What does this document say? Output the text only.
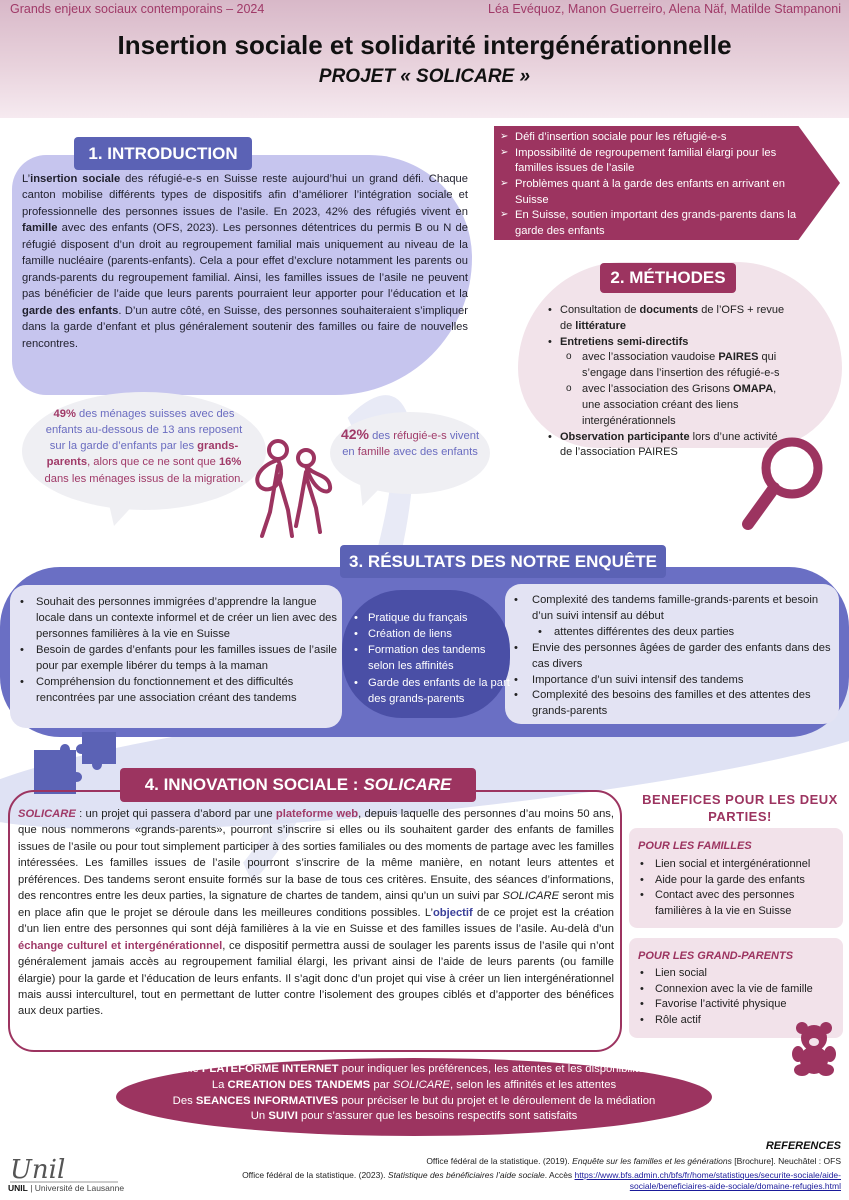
Grands enjeux sociaux contemporains – 2024	Léa Evéquoz, Manon Guerreiro, Alena Näf, Matilde Stampanoni
Insertion sociale et solidarité intergénérationnelle
PROJET « SOLICARE »
1. INTRODUCTION
L’insertion sociale des réfugié-e-s en Suisse reste aujourd’hui un grand défi. Chaque canton mobilise différents types de dispositifs afin d’améliorer l’intégration sociale et professionnelle des personnes issues de l’asile. En 2023, 42% des réfugiés vivent en famille avec des enfants (OFS, 2023). Les personnes détentrices du permis B ou N de réfugié disposent d’un droit au regroupement familial mais uniquement au niveau de la famille nucléaire (parents-enfants). Cela a pour effet d’exclure notamment les parents ou grands-parents du regroupement familial. Ainsi, les familles issues de l’asile ne peuvent pas bénéficier de l’aide que leurs parents pourraient leur apporter pour l’éducation et la garde des enfants. D’un autre côté, en Suisse, des personnes souhaiteraient s’impliquer dans la garde d’enfant et plus généralement soutenir des familles ou faire de nouvelles rencontres.
➢ Défi d’insertion sociale pour les réfugié-e-s
➢ Impossibilité de regroupement familial élargi pour les familles issues de l’asile
➢ Problèmes quant à la garde des enfants en arrivant en Suisse
➢ En Suisse, soutien important des grands-parents dans la garde des enfants
2. MÉTHODES
• Consultation de documents de l’OFS + revue de littérature
• Entretiens semi-directifs
o avec l’association vaudoise PAIRES qui s’engage dans l’insertion des réfugié-e-s
o avec l’association des Grisons OMAPA, une association créant des liens intergénérationnels
• Observation participante lors d’une activité de l’association PAIRES
49% des ménages suisses avec des enfants au-dessous de 13 ans reposent sur la garde d’enfants par les grands-parents, alors que ce ne sont que 16% dans les ménages issus de la migration.
42% des réfugié-e-s vivent en famille avec des enfants
3. RÉSULTATS DES NOTRE ENQUÊTE
• Souhait des personnes immigrées d’apprendre la langue locale dans un contexte informel et de créer un lien avec des personnes familières à la vie en Suisse
• Besoin de gardes d’enfants pour les familles issues de l’asile pour par exemple libérer du temps à la maman
• Compréhension du fonctionnement et des difficultés rencontrées par une association créant des tandems
• Pratique du français
• Création de liens
• Formation des tandems selon les affinités
• Garde des enfants de la part des grands-parents
• Complexité des tandems famille-grands-parents et besoin d’un suivi intensif au début
• attentes différentes des deux parties
• Envie des personnes âgées de garder des enfants dans des cas divers
• Importance d’un suivi intensif des tandems
• Complexité des besoins des familles et des attentes des grands-parents
4. INNOVATION SOCIALE : SOLICARE
SOLICARE : un projet qui passera d’abord par une plateforme web, depuis laquelle des personnes d’au moins 50 ans, que nous nommerons «grands-parents», pourront s’inscrire si elles ou ils souhaitent garder des enfants de familles issues de l’asile ou pour tout simplement participer à des sorties familiales ou des moments de partage avec les familles intéressées. Les familles issues de l’asile pourront s’inscrire de la même manière, en notant leurs attentes et préférences. Des tandems seront ensuite formés sur la base de tous ces critères. Ensuite, des séances d’informations, des rencontres entre les deux parties, la signature de chartes de tandem, ainsi qu’un un suivi par SOLICARE seront mis en place afin que le projet se déroule dans les meilleures conditions possibles. L’objectif de ce projet est la création d’un lien entre des personnes qui sont déjà familières à la vie en Suisse et des familles issues de l’asile. Au-delà d’un échange culturel et intergénérationnel, ce dispositif permettra aussi de soulager les parents issus de l’asile qui n’ont généralement jamais accès au regroupement familial élargi, les privant ainsi de l’aide de leurs parents (ou famille élargie) pour la garde et l’éducation de leurs enfants. Il s’agit donc d’un projet qui vise à créer un lien intergénérationnel mais aussi interculturel, tout en permettant de lutter contre l’isolement des groupes ciblés et d’apporter des bénéfices aux deux parties.
BENEFICES POUR LES DEUX PARTIES!
POUR LES FAMILLES
POUR LES GRAND-PARENTS
• Lien social et intergénérationnel
• Aide pour la garde des enfants
• Contact avec des personnes familières à la vie en Suisse
• Lien social
• Connexion avec la vie de famille
• Favorise l’activité physique
• Rôle actif
Une PLATEFORME INTERNET pour indiquer les préférences, les attentes et les disponibilités
La CREATION DES TANDEMS par SOLICARE, selon les affinités et les attentes
Des SEANCES INFORMATIVES pour préciser le but du projet et le déroulement de la médiation
Un SUIVI pour s’assurer que les besoins respectifs sont satisfaits
REFERENCES
Office fédéral de la statistique. (2019). Enquête sur les familles et les générations [Brochure]. Neuchâtel : OFS
Office fédéral de la statistique. (2023). Statistique des bénéficiaires l’aide sociale. Accès https://www.bfs.admin.ch/bfs/fr/home/statistiques/securite-sociale/aide-sociale/beneficiaires-aide-sociale/domaine-refugies.html
Unil
UNIL | Université de Lausanne
